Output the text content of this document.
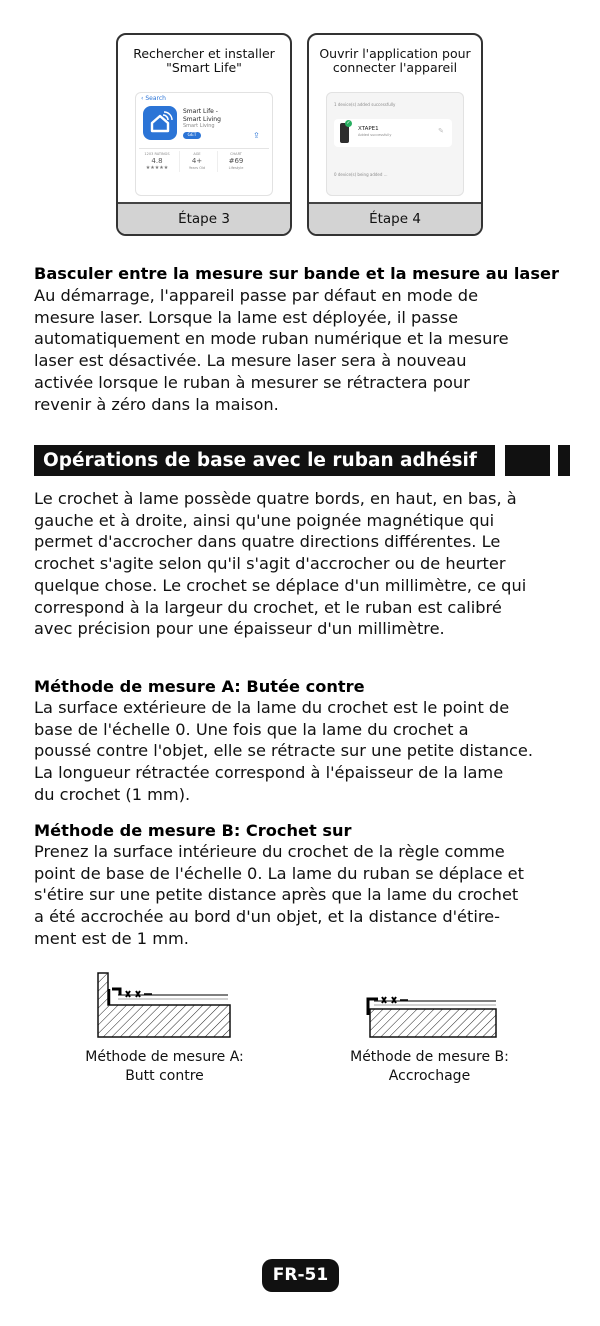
Rechercher et installer
"Smart Life"
‹ Search
Smart Life -
Smart Living
Smart Living
GET	⇪
1203 RATINGS
4.8
★★★★★
AGE
4+
Years Old
CHART
#69
Lifestyle
Étape 3
Ouvrir l'application pour
connecter l'appareil
1 device(s) added successfully
✓
XTAPE1
Added successfully	✎
0 device(s) being added ...
Étape 4
Basculer entre la mesure sur bande et la mesure au laser
Au démarrage, l'appareil passe par défaut en mode de
mesure laser. Lorsque la lame est déployée, il passe
automatiquement en mode ruban numérique et la mesure
laser est désactivée. La mesure laser sera à nouveau
activée lorsque le ruban à mesurer se rétractera pour
revenir à zéro dans la maison.
Opérations de base avec le ruban adhésif
Le crochet à lame possède quatre bords, en haut, en bas, à
gauche et à droite, ainsi qu'une poignée magnétique qui
permet d'accrocher dans quatre directions différentes. Le
crochet s'agite selon qu'il s'agit d'accrocher ou de heurter
quelque chose. Le crochet se déplace d'un millimètre, ce qui
correspond à la largeur du crochet, et le ruban est calibré
avec précision pour une épaisseur d'un millimètre.
Méthode de mesure A: Butée contre
La surface extérieure de la lame du crochet est le point de
base de l'échelle 0. Une fois que la lame du crochet a
poussé contre l'objet, elle se rétracte sur une petite distance.
La longueur rétractée correspond à l'épaisseur de la lame
du crochet (1 mm).
Méthode de mesure B: Crochet sur
Prenez la surface intérieure du crochet de la règle comme
point de base de l'échelle 0. La lame du ruban se déplace et
s'étire sur une petite distance après que la lame du crochet
a été accrochée au bord d'un objet, et la distance d'étire-
ment est de 1 mm.
Méthode de mesure A:
Butt contre
Méthode de mesure B:
Accrochage
FR-51
